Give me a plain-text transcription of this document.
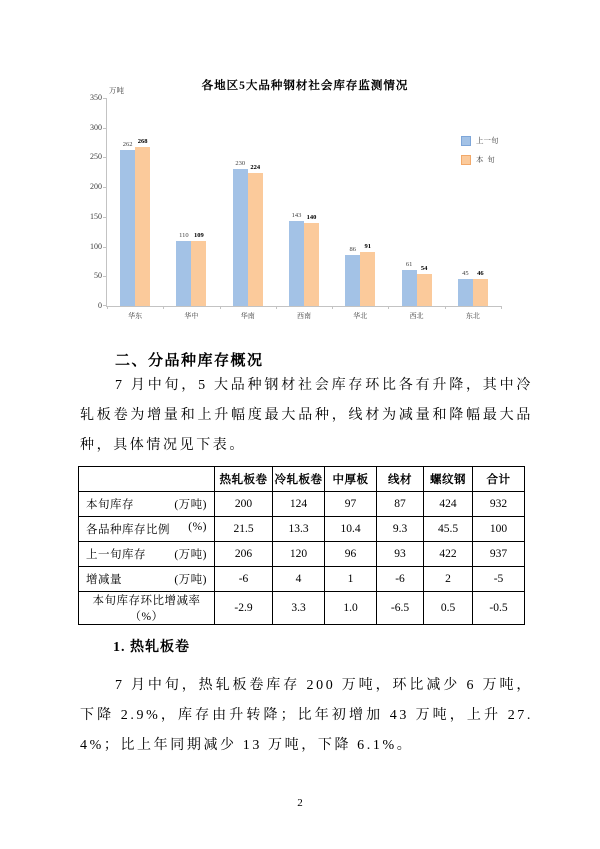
各地区5大品种钢材社会库存监测情况
万吨
0
50
100
150
200
250
300
350
262
268
华东
110 109
华中
230
224
华南
143 140
西南
86	91
华北
61
54
西北
45	46
东北
上一旬
本  旬
二、分品种库存概况
7 月中旬，5 大品种钢材社会库存环比各有升降，其中冷轧板卷为增量和上升幅度最大品种，线材为减量和降幅最大品种，具体情况见下表。
	热轧板卷	冷轧板卷	中厚板	线材	螺纹钢	合计

本旬库存 (万吨)	200	124	97	87	424	932

各品种库存比例 (%)	21.5	13.3	10.4	9.3	45.5	100

上一旬库存 (万吨)	206	120	96	93	422	937

增减量 (万吨)	-6	4	1	-6	2	-5

本旬库存环比增减率（%）	-2.9	3.3	1.0	-6.5	0.5	-0.5
1. 热轧板卷
7 月中旬，热轧板卷库存 200 万吨，环比减少 6 万吨，下降 2.9%，库存由升转降；比年初增加 43 万吨，上升 27.4%；比上年同期减少 13 万吨，下降 6.1%。
2
